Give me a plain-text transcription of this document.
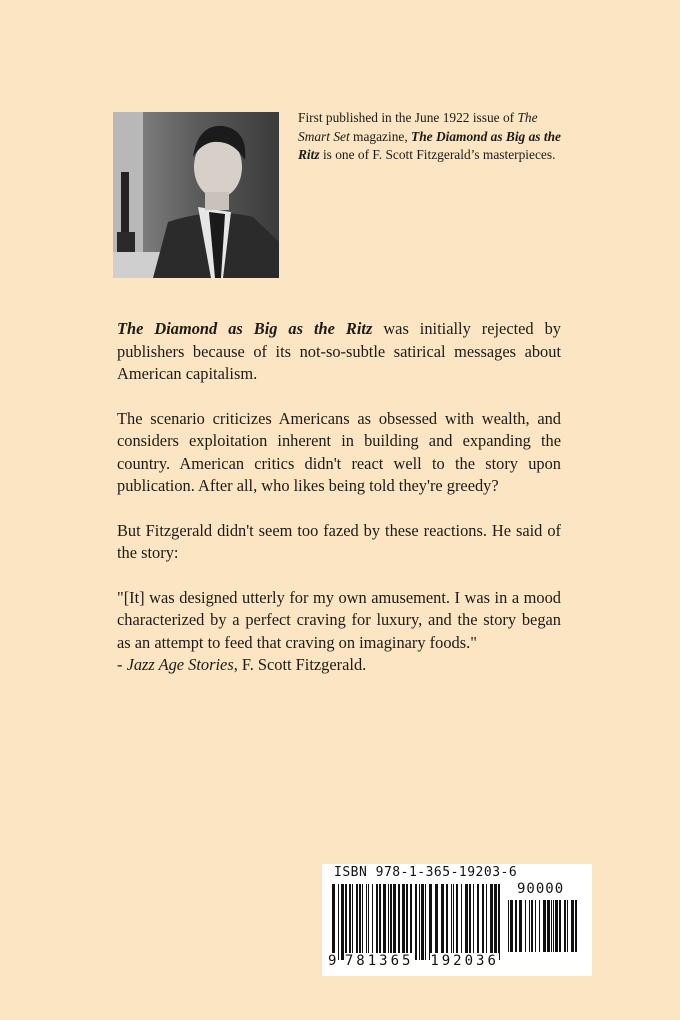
First published in the June 1922 issue of The Smart Set magazine, The Diamond as Big as the Ritz is one of F. Scott Fitzgerald’s masterpieces.

The Diamond as Big as the Ritz was initially rejected by publishers because of its not-so-subtle satirical messages about American capitalism.

The scenario criticizes Americans as obsessed with wealth, and considers exploitation inherent in building and expanding the country. American critics didn't react well to the story upon publication. After all, who likes being told they're greedy?

But Fitzgerald didn't seem too fazed by these reactions. He said of the story:

"[It] was designed utterly for my own amusement. I was in a mood characterized by a perfect craving for luxury, and the story began as an attempt to feed that craving on imaginary foods."

- Jazz Age Stories, F. Scott Fitzgerald.

ISBN 978-1-365-19203-6
90000
9 781365 192036
